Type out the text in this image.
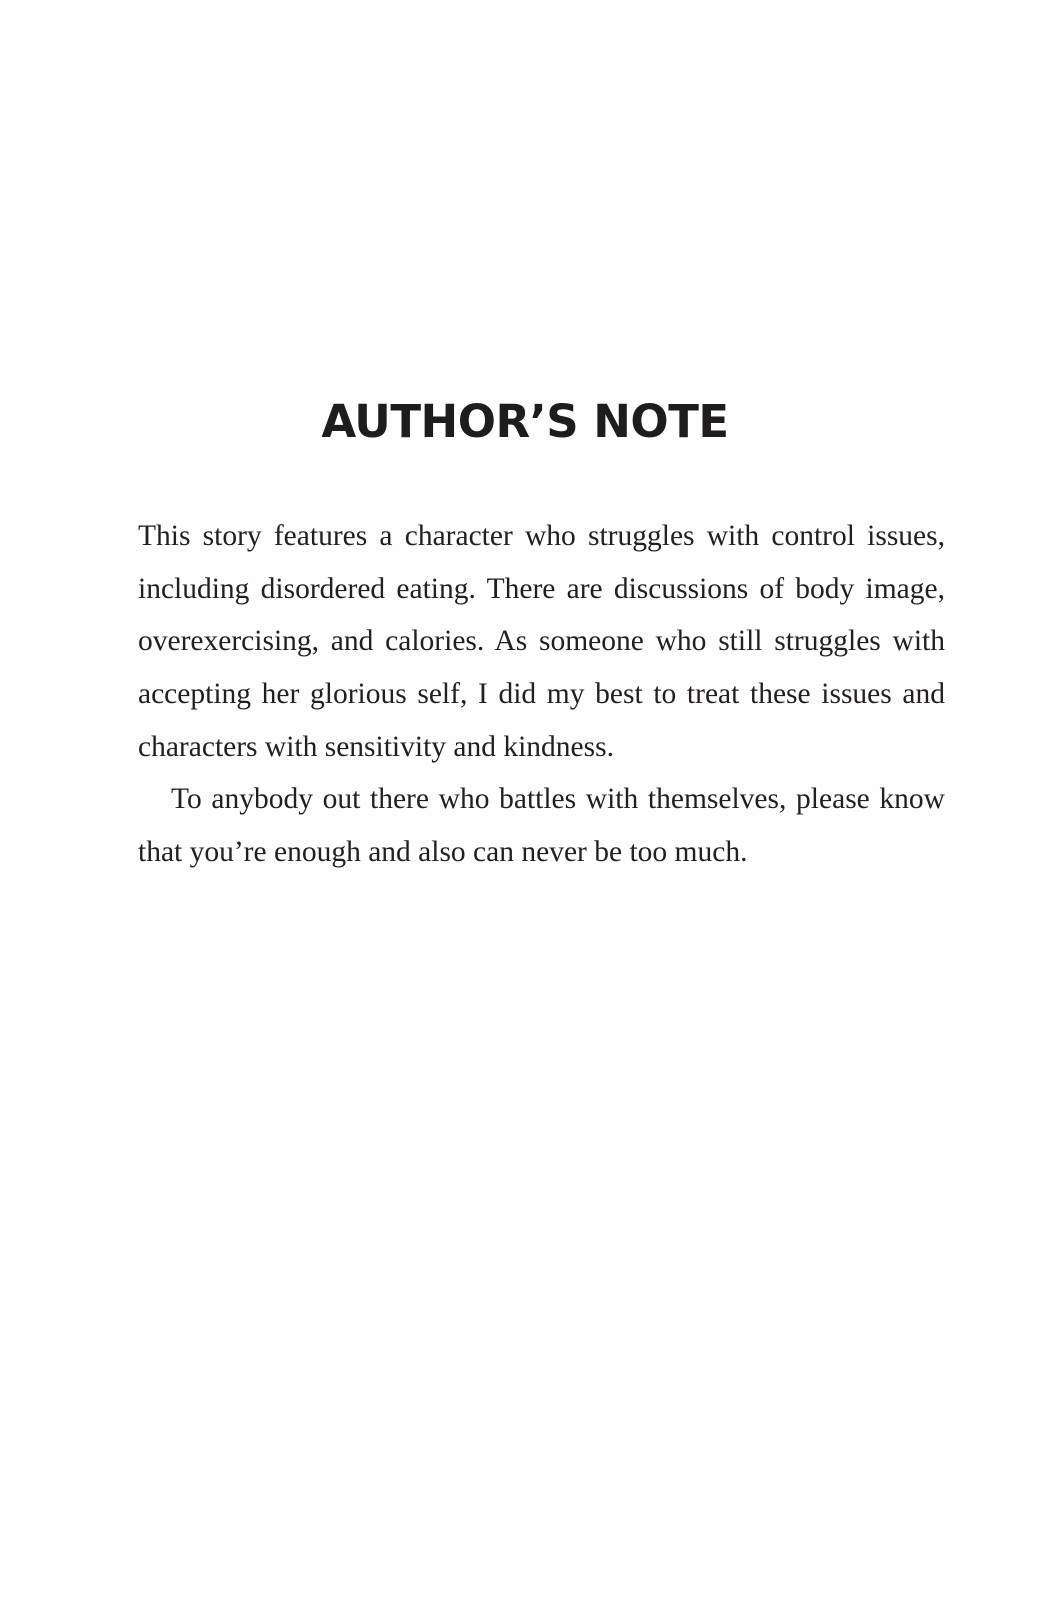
AUTHOR’S NOTE

This story features a character who struggles with control issues,
including disordered eating. There are discussions of body image,
overexercising, and calories. As someone who still struggles with
accepting her glorious self, I did my best to treat these issues and
characters with sensitivity and kindness.

To anybody out there who battles with themselves, please know
that you’re enough and also can never be too much.
